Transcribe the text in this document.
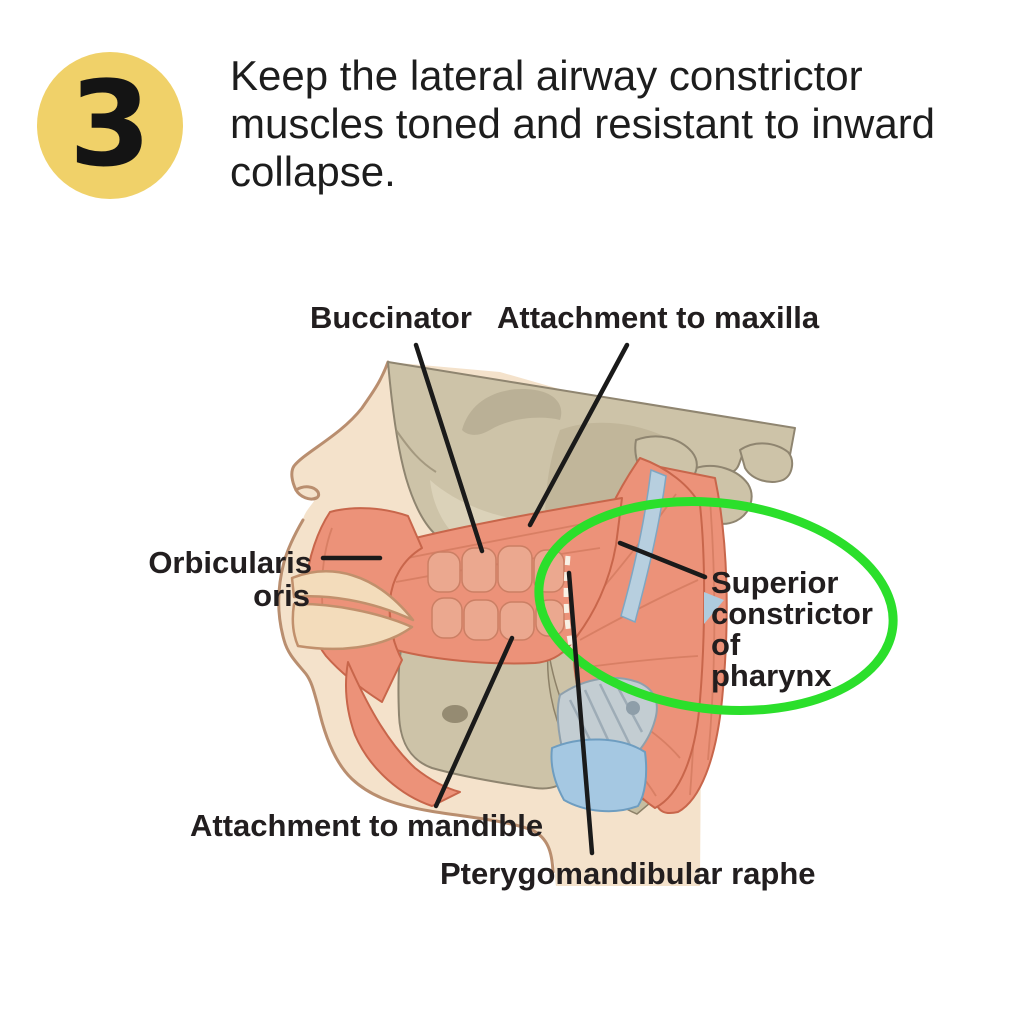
3 Keep the lateral airway constrictor muscles toned and resistant to inward collapse.
Buccinator Attachment to maxilla
Orbicularis
oris	Superior
constrictor
of
pharynx
Attachment to mandible
Pterygomandibular raphe
